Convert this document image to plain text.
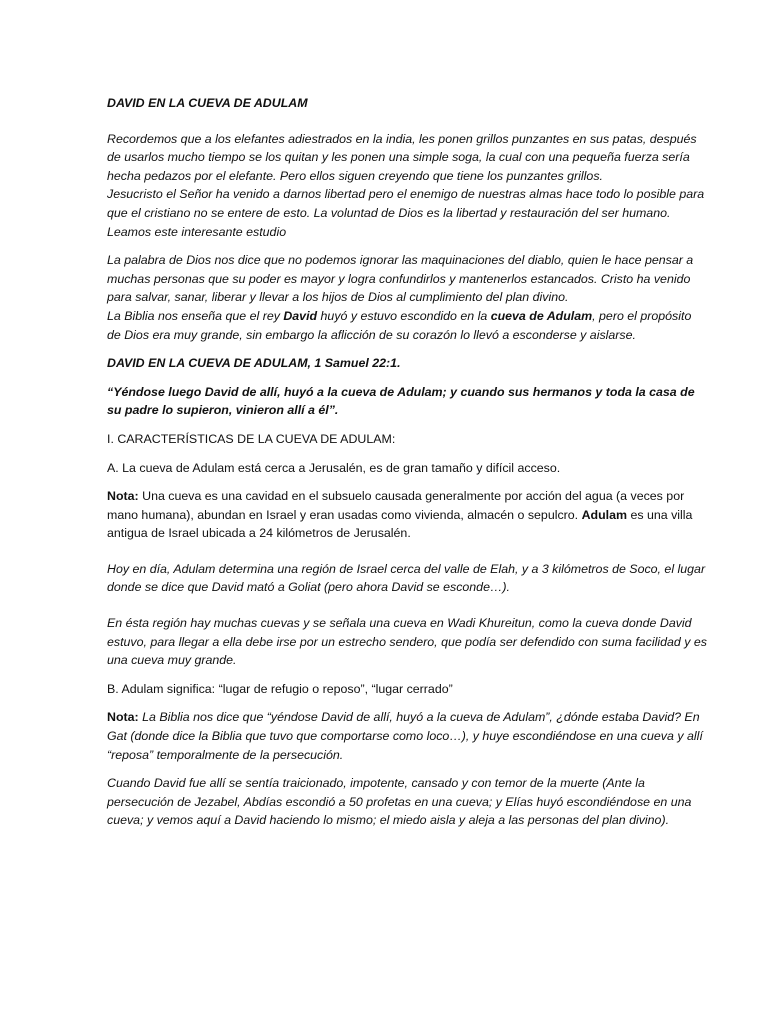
DAVID EN LA CUEVA DE ADULAM

Recordemos que a los elefantes adiestrados en la india, les ponen grillos punzantes en sus patas, después de usarlos mucho tiempo se los quitan y les ponen una simple soga, la cual con una pequeña fuerza sería hecha pedazos por el elefante. Pero ellos siguen creyendo que tiene los punzantes grillos.

Jesucristo el Señor ha venido a darnos libertad pero el enemigo de nuestras almas hace todo lo posible para que el cristiano no se entere de esto. La voluntad de Dios es la libertad y restauración del ser humano. Leamos este interesante estudio

La palabra de Dios nos dice que no podemos ignorar las maquinaciones del diablo, quien le hace pensar a muchas personas que su poder es mayor y logra confundirlos y mantenerlos estancados. Cristo ha venido para salvar, sanar, liberar y llevar a los hijos de Dios al cumplimiento del plan divino.

La Biblia nos enseña que el rey David huyó y estuvo escondido en la cueva de Adulam, pero el propósito de Dios era muy grande, sin embargo la aflicción de su corazón lo llevó a esconderse y aislarse.

DAVID EN LA CUEVA DE ADULAM, 1 Samuel 22:1.

“Yéndose luego David de allí, huyó a la cueva de Adulam; y cuando sus hermanos y toda la casa de su padre lo supieron, vinieron allí a él”.

I. CARACTERÍSTICAS DE LA CUEVA DE ADULAM:

A. La cueva de Adulam está cerca a Jerusalén, es de gran tamaño y difícil acceso.

Nota: Una cueva es una cavidad en el subsuelo causada generalmente por acción del agua (a veces por mano humana), abundan en Israel y eran usadas como vivienda, almacén o sepulcro. Adulam es una villa antigua de Israel ubicada a 24 kilómetros de Jerusalén.

Hoy en día, Adulam determina una región de Israel cerca del valle de Elah, y a 3 kilómetros de Soco, el lugar donde se dice que David mató a Goliat (pero ahora David se esconde…).

En ésta región hay muchas cuevas y se señala una cueva en Wadi Khureitun, como la cueva donde David estuvo, para llegar a ella debe irse por un estrecho sendero, que podía ser defendido con suma facilidad y es una cueva muy grande.

B. Adulam significa: “lugar de refugio o reposo”, “lugar cerrado”

Nota: La Biblia nos dice que “yéndose David de allí, huyó a la cueva de Adulam”, ¿dónde estaba David? En Gat (donde dice la Biblia que tuvo que comportarse como loco…), y huye escondiéndose en una cueva y allí “reposa” temporalmente de la persecución.

Cuando David fue allí se sentía traicionado, impotente, cansado y con temor de la muerte (Ante la persecución de Jezabel, Abdías escondió a 50 profetas en una cueva; y Elías huyó escondiéndose en una cueva; y vemos aquí a David haciendo lo mismo; el miedo aisla y aleja a las personas del plan divino).
